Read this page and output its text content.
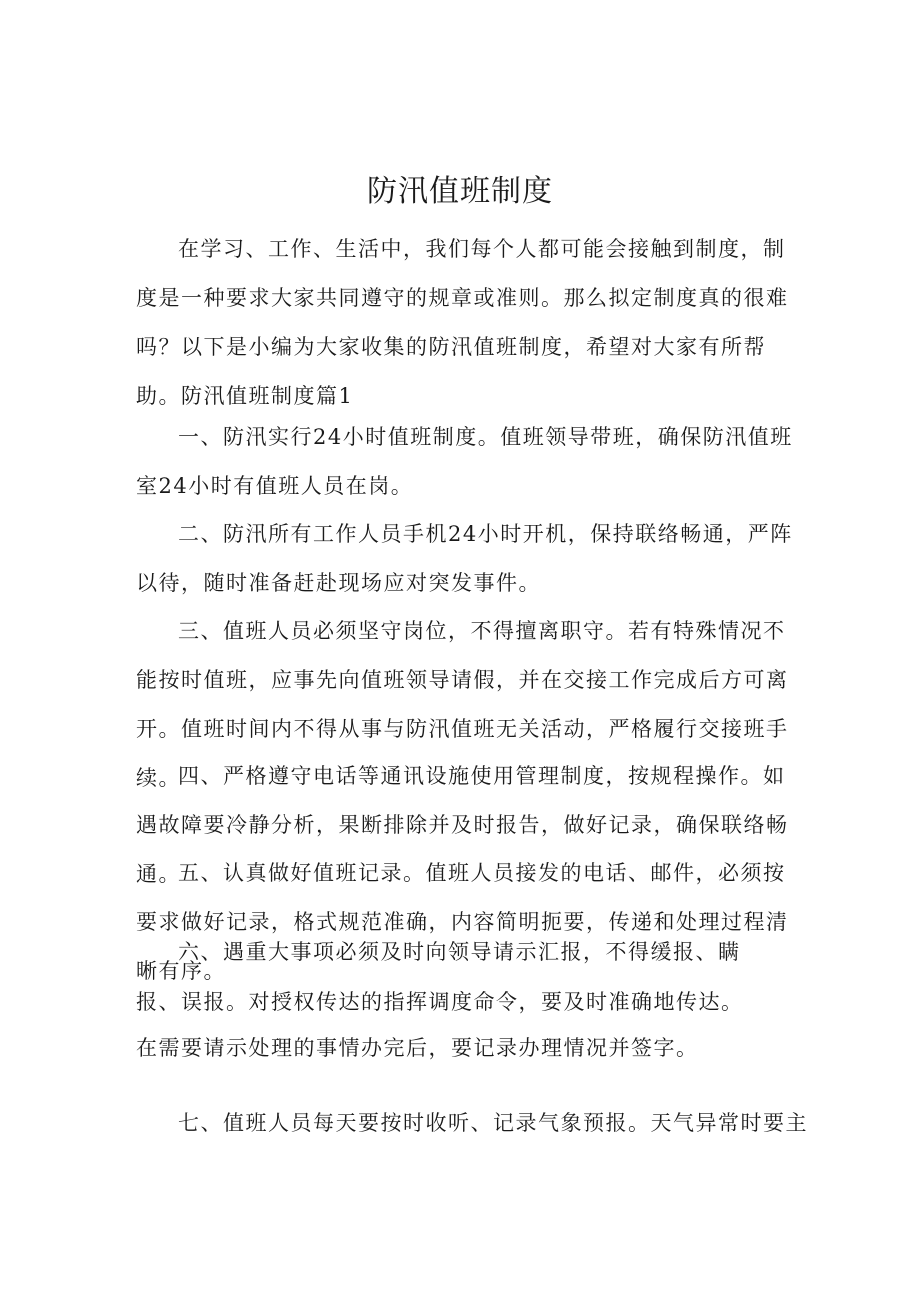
防汛值班制度

在学习、工作、生活中，我们每个人都可能会接触到制度，制度是一种要求大家共同遵守的规章或准则。那么拟定制度真的很难吗？以下是小编为大家收集的防汛值班制度，希望对大家有所帮助。防汛值班制度篇1

一、防汛实行24小时值班制度。值班领导带班，确保防汛值班室24小时有值班人员在岗。

二、防汛所有工作人员手机24小时开机，保持联络畅通，严阵以待，随时准备赶赴现场应对突发事件。

三、值班人员必须坚守岗位，不得擅离职守。若有特殊情况不能按时值班，应事先向值班领导请假，并在交接工作完成后方可离开。值班时间内不得从事与防汛值班无关活动，严格履行交接班手续。

四、严格遵守电话等通讯设施使用管理制度，按规程操作。如遇故障要冷静分析，果断排除并及时报告，做好记录，确保联络畅通。

五、认真做好值班记录。值班人员接发的电话、邮件，必须按要求做好记录，格式规范准确，内容简明扼要，传递和处理过程清晰有序。

六、遇重大事项必须及时向领导请示汇报，不得缓报、瞒

报、误报。对授权传达的指挥调度命令，要及时准确地传达。

在需要请示处理的事情办完后，要记录办理情况并签字。

七、值班人员每天要按时收听、记录气象预报。天气异常时要主
